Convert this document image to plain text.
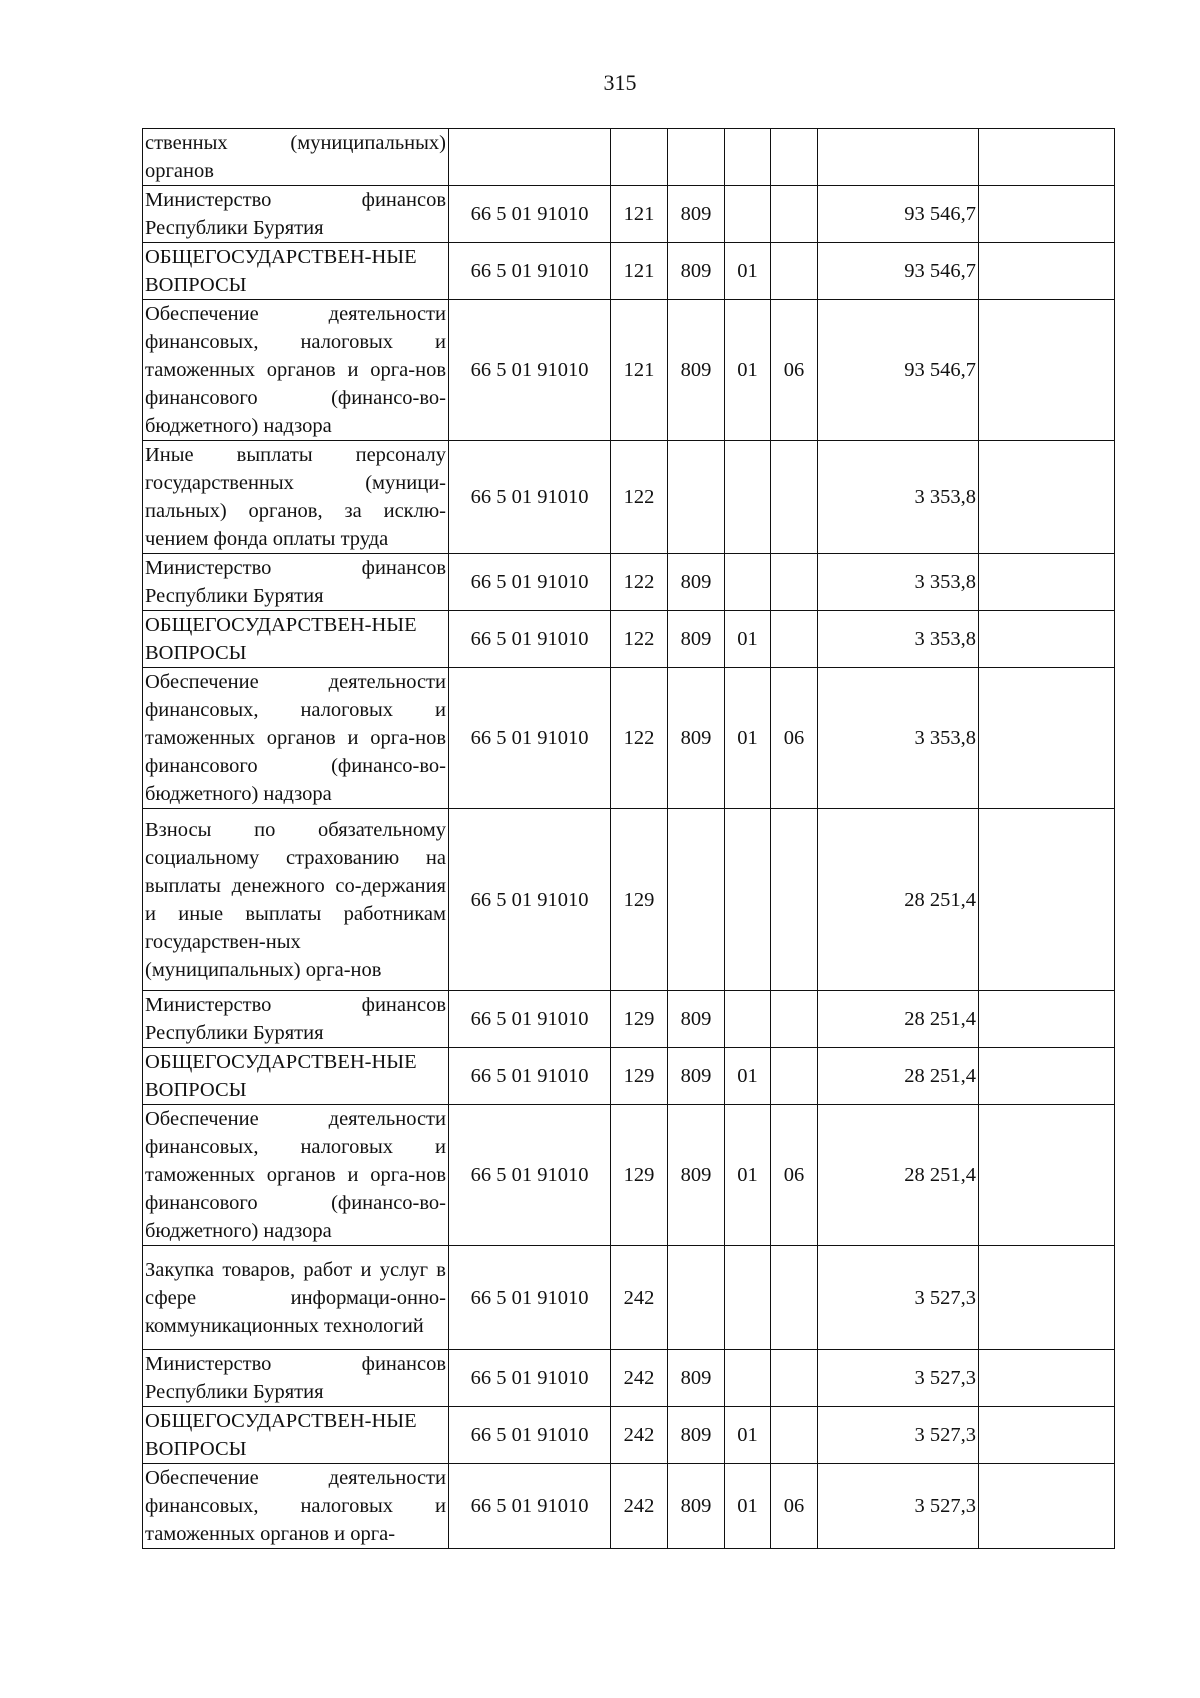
315
ственных (муниципальных) органов							
Министерство финансов Республики Бурятия	66 5 01 91010	121	809			93 546,7	
ОБЩЕГОСУДАРСТВЕН-НЫЕ ВОПРОСЫ	66 5 01 91010	121	809	01		93 546,7	
Обеспечение деятельности финансовых, налоговых и таможенных органов и орга-нов финансового (финансо-во-бюджетного) надзора	66 5 01 91010	121	809	01	06	93 546,7	
Иные выплаты персоналу государственных (муници-пальных) органов, за исклю-чением фонда оплаты труда	66 5 01 91010	122				3 353,8	
Министерство финансов Республики Бурятия	66 5 01 91010	122	809			3 353,8	
ОБЩЕГОСУДАРСТВЕН-НЫЕ ВОПРОСЫ	66 5 01 91010	122	809	01		3 353,8	
Обеспечение деятельности финансовых, налоговых и таможенных органов и орга-нов финансового (финансо-во-бюджетного) надзора	66 5 01 91010	122	809	01	06	3 353,8	
Взносы по обязательному социальному страхованию на выплаты денежного со-держания и иные выплаты работникам государствен-ных (муниципальных) орга-нов	66 5 01 91010	129				28 251,4	
Министерство финансов Республики Бурятия	66 5 01 91010	129	809			28 251,4	
ОБЩЕГОСУДАРСТВЕН-НЫЕ ВОПРОСЫ	66 5 01 91010	129	809	01		28 251,4	
Обеспечение деятельности финансовых, налоговых и таможенных органов и орга-нов финансового (финансо-во-бюджетного) надзора	66 5 01 91010	129	809	01	06	28 251,4	
Закупка товаров, работ и услуг в сфере информаци-онно-коммуникационных технологий	66 5 01 91010	242				3 527,3	
Министерство финансов Республики Бурятия	66 5 01 91010	242	809			3 527,3	
ОБЩЕГОСУДАРСТВЕН-НЫЕ ВОПРОСЫ	66 5 01 91010	242	809	01		3 527,3	
Обеспечение деятельности финансовых, налоговых и таможенных органов и орга-	66 5 01 91010	242	809	01	06	3 527,3	
